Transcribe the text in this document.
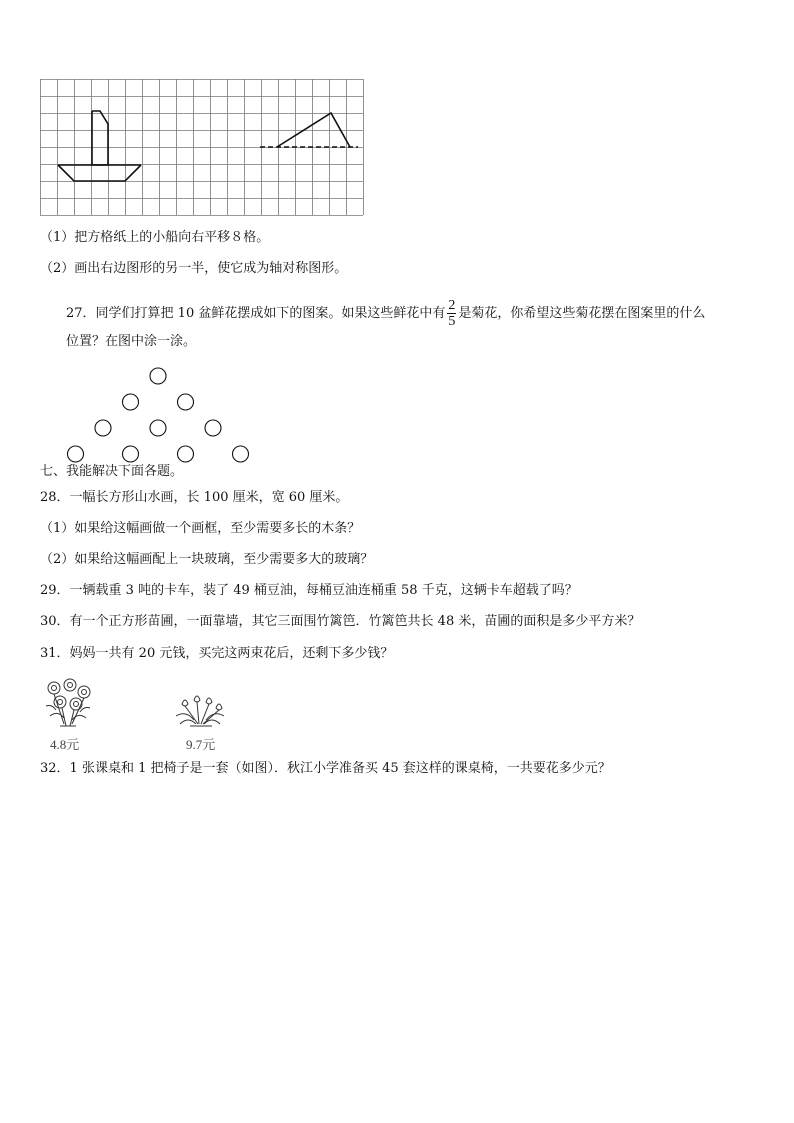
（1）把方格纸上的小船向右平移８格。
（2）画出右边图形的另一半，使它成为轴对称图形。
27．同学们打算把 10 盆鲜花摆成如下的图案。如果这些鲜花中有 $\frac{2}{5}$ 是菊花，你希望这些菊花摆在图案里的什么
位置？在图中涂一涂。
七、我能解决下面各题。
28．一幅长方形山水画，长 100 厘米，宽 60 厘米。
（1）如果给这幅画做一个画框，至少需要多长的木条？
（2）如果给这幅画配上一块玻璃，至少需要多大的玻璃？
29．一辆载重 3 吨的卡车，装了 49 桶豆油，每桶豆油连桶重 58 千克，这辆卡车超载了吗？
30．有一个正方形苗圃，一面靠墙，其它三面围竹篱笆．竹篱笆共长 48 米，苗圃的面积是多少平方米？
31．妈妈一共有 20 元钱，买完这两束花后，还剩下多少钱？
4.8元	9.7元
32．1 张课桌和 1 把椅子是一套（如图）．秋江小学准备买 45 套这样的课桌椅，一共要花多少元？
